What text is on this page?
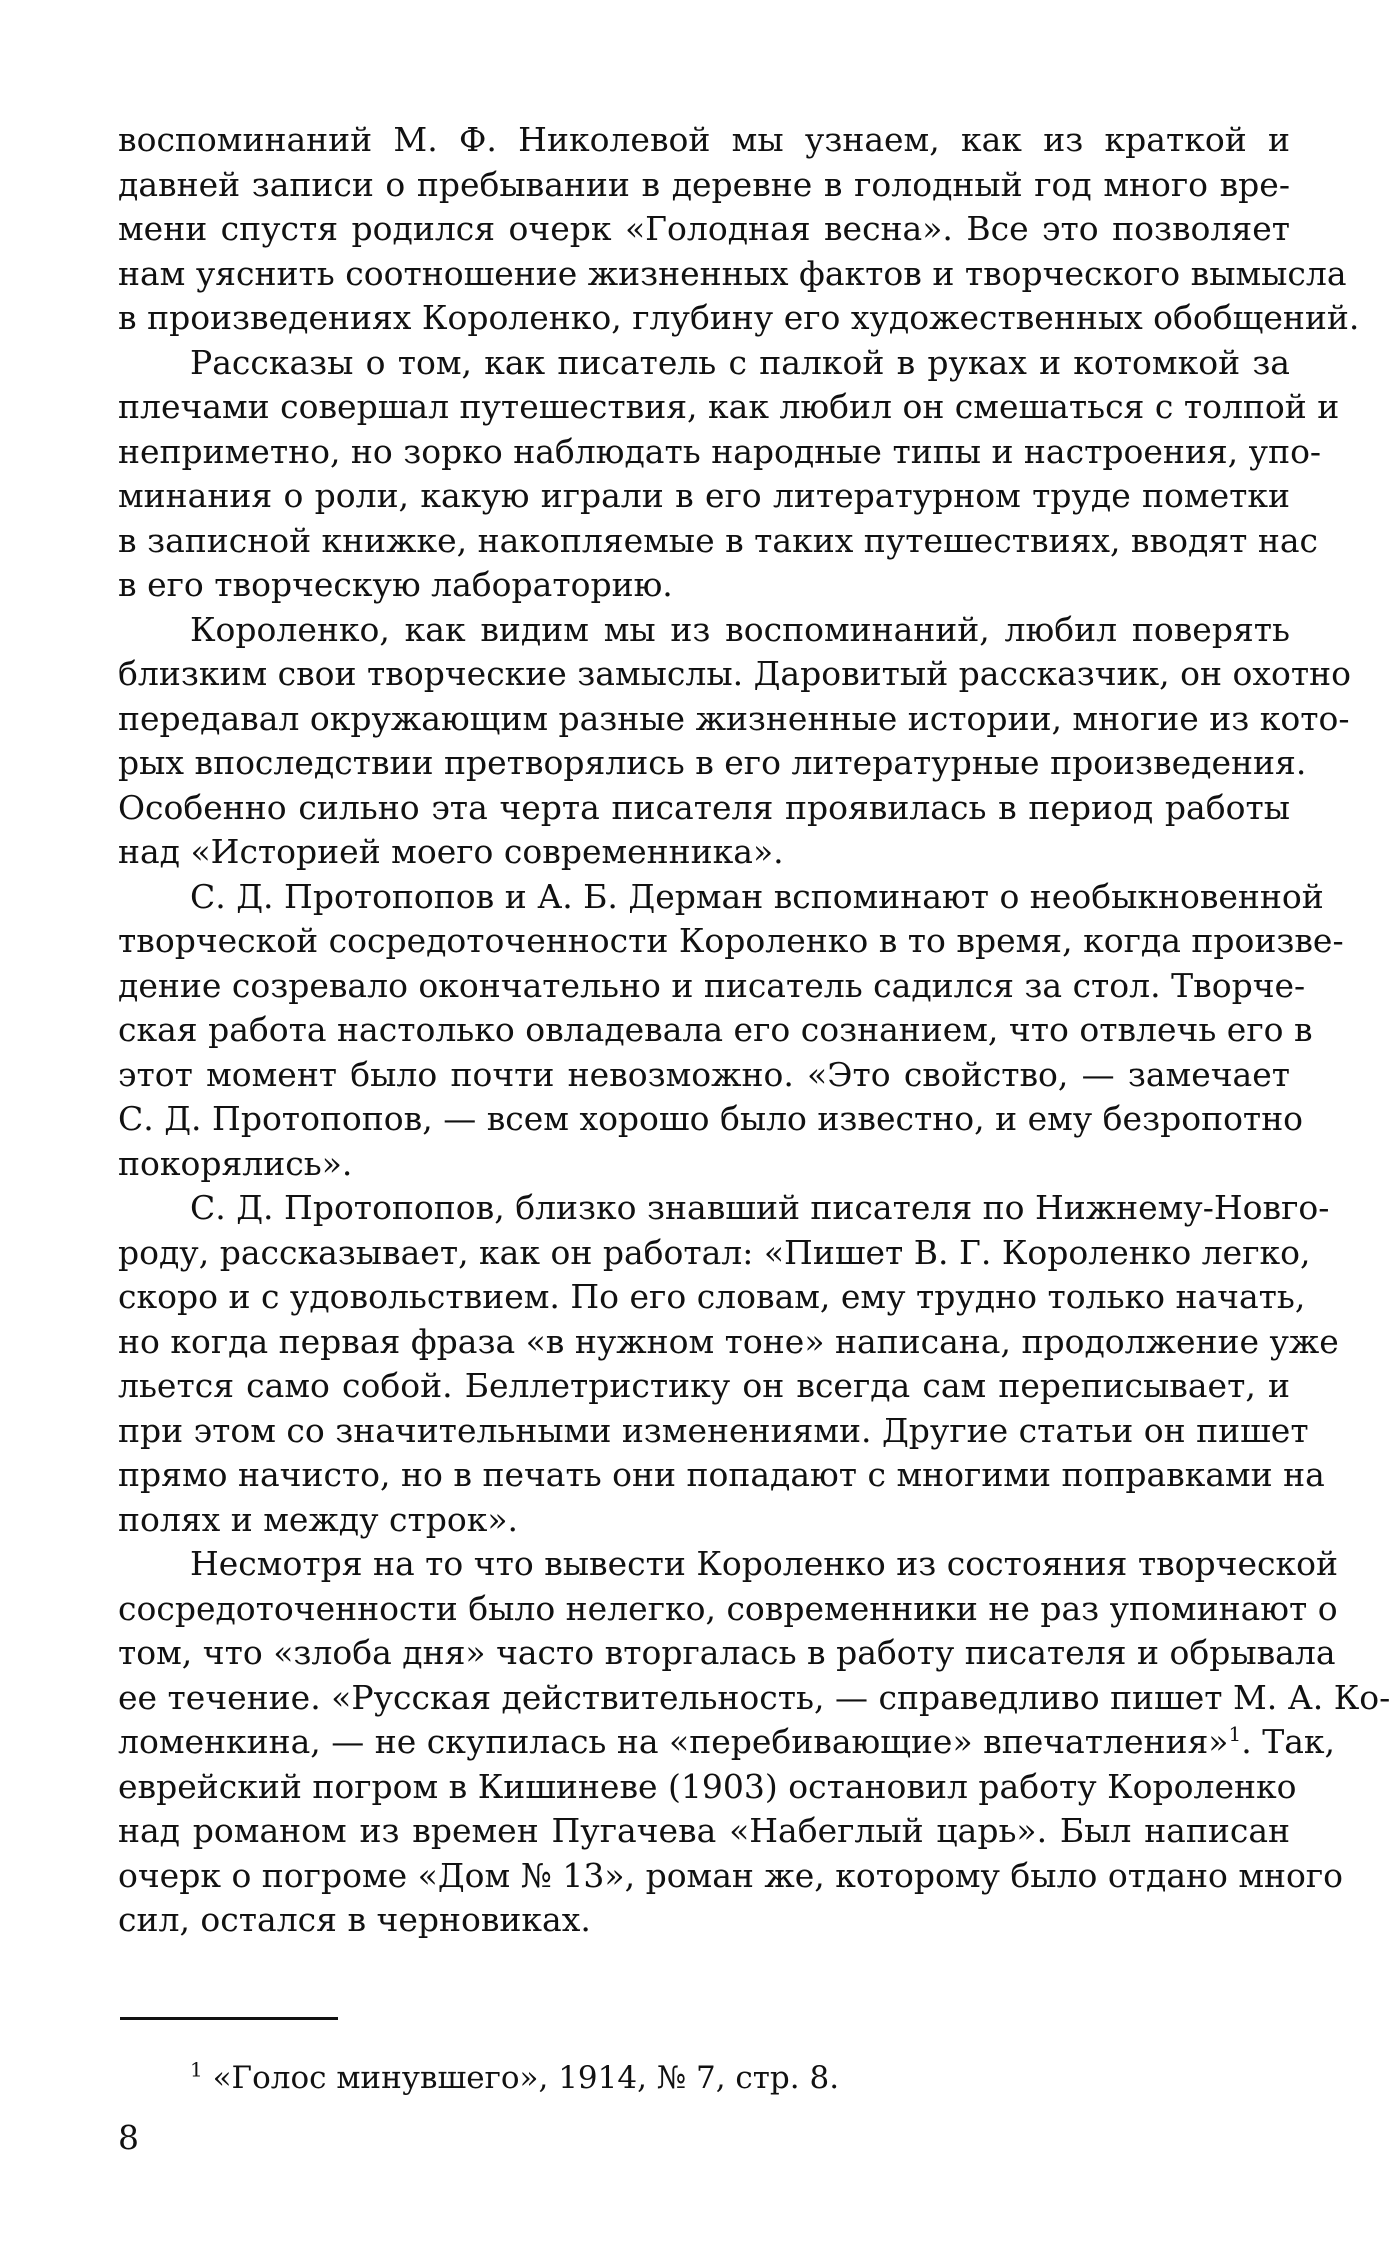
воспоминаний М. Ф. Николевой мы узнаем, как из краткой и
давней записи о пребывании в деревне в голодный год много вре-
мени спустя родился очерк «Голодная весна». Все это позволяет
нам уяснить соотношение жизненных фактов и творческого вымысла
в произведениях Короленко, глубину его художественных обобщений.

Рассказы о том, как писатель с палкой в руках и котомкой за
плечами совершал путешествия, как любил он смешаться с толпой и
неприметно, но зорко наблюдать народные типы и настроения, упо-
минания о роли, какую играли в его литературном труде пометки
в записной книжке, накопляемые в таких путешествиях, вводят нас
в его творческую лабораторию.

Короленко, как видим мы из воспоминаний, любил поверять
близким свои творческие замыслы. Даровитый рассказчик, он охотно
передавал окружающим разные жизненные истории, многие из кото-
рых впоследствии претворялись в его литературные произведения.
Особенно сильно эта черта писателя проявилась в период работы
над «Историей моего современника».

С. Д. Протопопов и А. Б. Дерман вспоминают о необыкновенной
творческой сосредоточенности Короленко в то время, когда произве-
дение созревало окончательно и писатель садился за стол. Творче-
ская работа настолько овладевала его сознанием, что отвлечь его в
этот момент было почти невозможно. «Это свойство, — замечает
С. Д. Протопопов, — всем хорошо было известно, и ему безропотно
покорялись».

С. Д. Протопопов, близко знавший писателя по Нижнему-Новго-
роду, рассказывает, как он работал: «Пишет В. Г. Короленко легко,
скоро и с удовольствием. По его словам, ему трудно только начать,
но когда первая фраза «в нужном тоне» написана, продолжение уже
льется само собой. Беллетристику он всегда сам переписывает, и
при этом со значительными изменениями. Другие статьи он пишет
прямо начисто, но в печать они попадают с многими поправками на
полях и между строк».

Несмотря на то что вывести Короленко из состояния творческой
сосредоточенности было нелегко, современники не раз упоминают о
том, что «злоба дня» часто вторгалась в работу писателя и обрывала
ее течение. «Русская действительность, — справедливо пишет М. А. Ко-
ломенкина, — не скупилась на «перебивающие» впечатления»$^1$. Так,
еврейский погром в Кишиневе (1903) остановил работу Короленко
над романом из времен Пугачева «Набеглый царь». Был написан
очерк о погроме «Дом № 13», роман же, которому было отдано много
сил, остался в черновиках.

$^1$ «Голос минувшего», 1914, № 7, стр. 8.
8
